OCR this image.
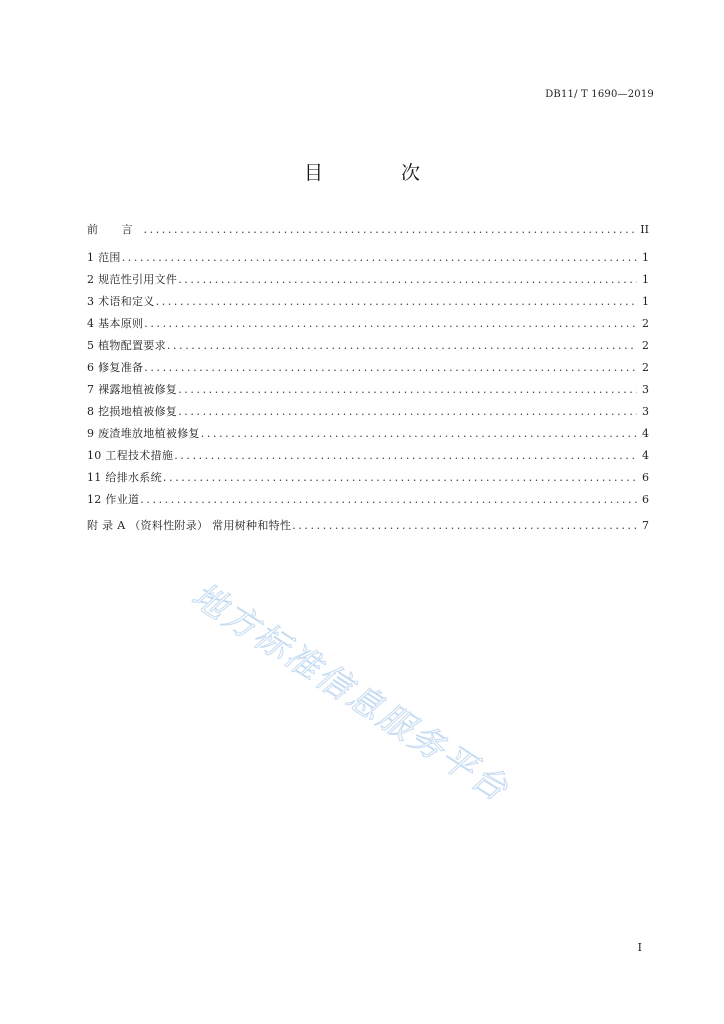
DB11/ T 1690—2019
目 次
前 言 .....	II
1 范围 .....	1
2 规范性引用文件 .....	1
3 术语和定义 .....	1
4 基本原则 .....	2
5 植物配置要求 .....	2
6 修复准备 .....	2
7 裸露地植被修复 .....	3
8 挖损地植被修复 .....	3
9 废渣堆放地植被修复 .....	4
10 工程技术措施 .....	4
11 给排水系统 .....	6
12 作业道 .....	6
附 录 A （资料性附录） 常用树种和特性 .....	7
地方标准信息服务平台
I
